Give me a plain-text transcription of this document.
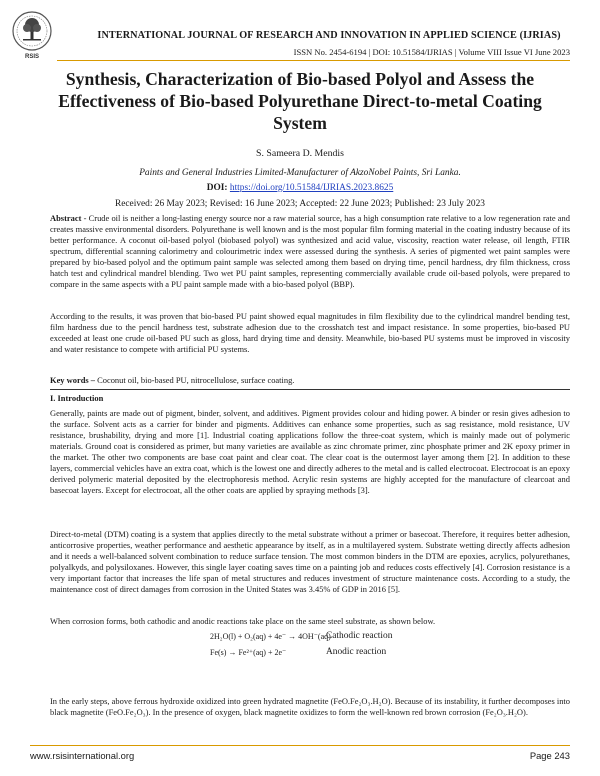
RSIS
INTERNATIONAL JOURNAL OF RESEARCH AND INNOVATION IN APPLIED SCIENCE (IJRIAS)
ISSN No. 2454-6194 | DOI: 10.51584/IJRIAS | Volume VIII Issue VI June 2023
Synthesis, Characterization of Bio-based Polyol and Assess the Effectiveness of Bio-based Polyurethane Direct-to-metal Coating System
S. Sameera D. Mendis
Paints and General Industries Limited-Manufacturer of AkzoNobel Paints, Sri Lanka.
DOI: https://doi.org/10.51584/IJRIAS.2023.8625
Received: 26 May 2023; Revised: 16 June 2023; Accepted: 22 June 2023; Published: 23 July 2023
Abstract - Crude oil is neither a long-lasting energy source nor a raw material source, has a high consumption rate relative to a low regeneration rate and creates massive environmental disorders. Polyurethane is well known and is the most popular film forming material in the coating industry because of its better performance. A coconut oil-based polyol (biobased polyol) was synthesized and acid value, viscosity, reaction water release, oil length, FTIR spectrum, differential scanning calorimetry and colourimetric index were assessed during the synthesis. A series of pigmented wet paint samples were prepared by bio-based polyol and the optimum paint sample was selected among them based on drying time, pencil hardness, dry film thickness, cross hatch test and cylindrical mandrel blending. Two wet PU paint samples, representing commercially available crude oil-based polyols, were prepared to compare in the same aspects with a PU paint sample made with a bio-based polyol (BBP).
According to the results, it was proven that bio-based PU paint showed equal magnitudes in film flexibility due to the cylindrical mandrel bending test, film hardness due to the pencil hardness test, substrate adhesion due to the crosshatch test and impact resistance. In some properties, bio-based PU exceeded at least one crude oil-based PU such as gloss, hard drying time and density. Meanwhile, bio-based PU systems must be improved in viscosity and water resistance to compete with artificial PU systems.
Key words – Coconut oil, bio-based PU, nitrocellulose, surface coating.
I. Introduction
Generally, paints are made out of pigment, binder, solvent, and additives. Pigment provides colour and hiding power. A binder or resin gives adhesion to the surface. Solvent acts as a carrier for binder and pigments. Additives can enhance some properties, such as sag resistance, mold resistance, UV resistance, brushability, drying and more [1]. Industrial coating applications follow the three-coat system, which is mainly made out of polymeric materials. Ground coat is considered as primer, but many varieties are available as zinc chromate primer, zinc phosphate primer and 2K epoxy primer in the market. The other two components are base coat paint and clear coat. The clear coat is the outermost layer among them [2]. In addition to these layers, commercial vehicles have an extra coat, which is the lowest one and directly adheres to the metal and is called electrocoat. Electrocoat is an epoxy derived polymeric material deposited by the electrophoresis method. Acrylic resin systems are highly accepted for the manufacture of clearcoat and basecoat layers. Except for electrocoat, all the other coats are applied by spraying methods [3].
Direct-to-metal (DTM) coating is a system that applies directly to the metal substrate without a primer or basecoat. Therefore, it requires better adhesion, anticorrosive properties, weather performance and aesthetic appearance by itself, as in a multilayered system. Substrate wetting directly affects adhesion and it needs a well-balanced solvent combination to reduce surface tension. The most common binders in the DTM are epoxies, acrylics, polyurethanes, polyalkyds, and polysiloxanes. However, this single layer coating saves time on a painting job and reduces costs effectively [4]. Corrosion resistance is a very important factor that increases the life span of metal structures and reduces investment of structure maintenance costs. According to a study, the maintenance cost of direct damages from corrosion in the United States was 3.45% of GDP in 2016 [5].
When corrosion forms, both cathodic and anodic reactions take place on the same steel substrate, as shown below.
2H₂O(l) + O₂(aq) + 4e⁻ → 4OH⁻(aq)
Cathodic reaction
Fe(s) → Fe²⁺(aq) + 2e⁻	Anodic reaction
In the early steps, above ferrous hydroxide oxidized into green hydrated magnetite (FeO.Fe₂O₃.H₂O). Because of its instability, it further decomposes into black magnetite (FeO.Fe₂O₃). In the presence of oxygen, black magnetite oxidizes to form the well-known red brown corrosion (Fe₂O₃.H₂O).
www.rsisinternational.org	Page 243
